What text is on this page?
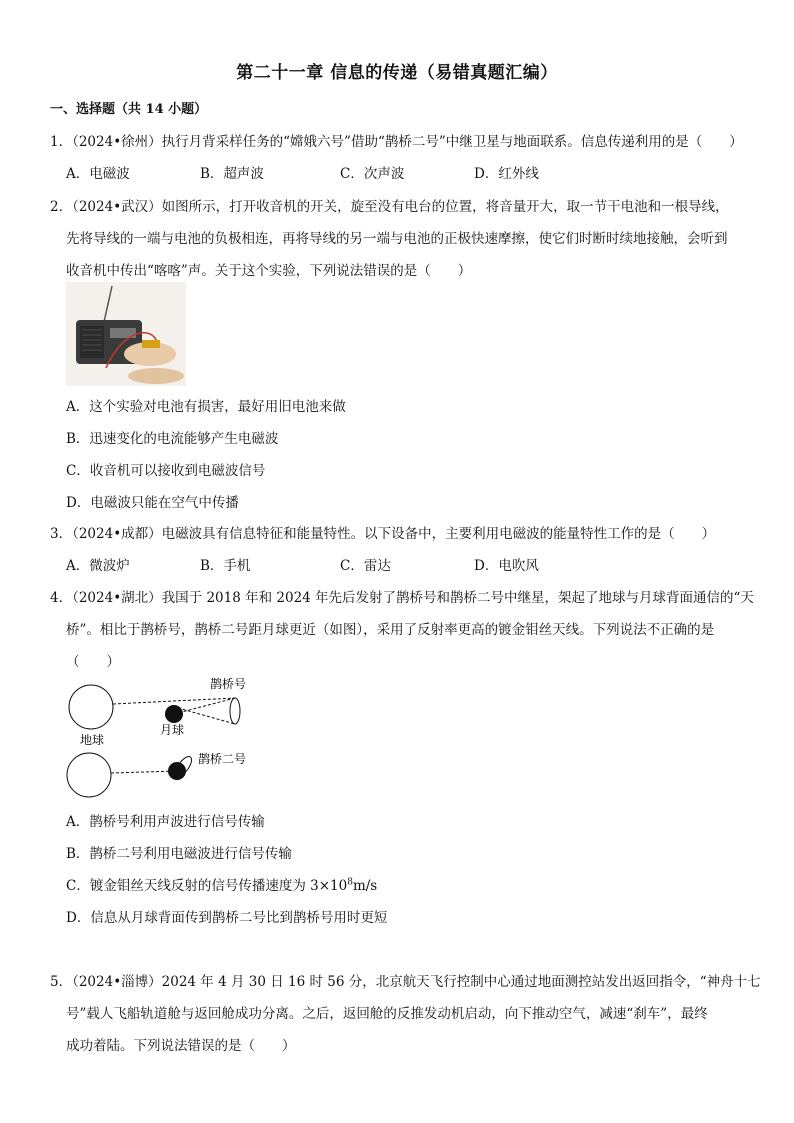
第二十一章 信息的传递（易错真题汇编）
一、选择题（共 14 小题）
1．（2024•徐州）执行月背采样任务的“嫦娥六号”借助“鹊桥二号”中继卫星与地面联系。信息传递利用的是（　　）
A．电磁波	B．超声波	C．次声波	D．红外线
2．（2024•武汉）如图所示，打开收音机的开关，旋至没有电台的位置，将音量开大，取一节干电池和一根导线，
先将导线的一端与电池的负极相连，再将导线的另一端与电池的正极快速摩擦，使它们时断时续地接触，会听到
收音机中传出“喀喀”声。关于这个实验，下列说法错误的是（　　）
A．这个实验对电池有损害，最好用旧电池来做
B．迅速变化的电流能够产生电磁波
C．收音机可以接收到电磁波信号
D．电磁波只能在空气中传播
3．（2024•成都）电磁波具有信息特征和能量特性。以下设备中，主要利用电磁波的能量特性工作的是（　　）
A．微波炉	B．手机	C．雷达	D．电吹风
4．（2024•湖北）我国于 2018 年和 2024 年先后发射了鹊桥号和鹊桥二号中继星，架起了地球与月球背面通信的“天
桥”。相比于鹊桥号，鹊桥二号距月球更近（如图），采用了反射率更高的镀金钼丝天线。下列说法不正确的是
（　　）
鹊桥号
月球
地球
鹊桥二号
A．鹊桥号利用声波进行信号传输
B．鹊桥二号利用电磁波进行信号传输
C．镀金钼丝天线反射的信号传播速度为 $3\times 10^8m/s$
D．信息从月球背面传到鹊桥二号比到鹊桥号用时更短
5．（2024•淄博）2024 年 4 月 30 日 16 时 56 分，北京航天飞行控制中心通过地面测控站发出返回指令，“神舟十七
号”载人飞船轨道舱与返回舱成功分离。之后，返回舱的反推发动机启动，向下推动空气，减速“刹车”，最终
成功着陆。下列说法错误的是（　　）
